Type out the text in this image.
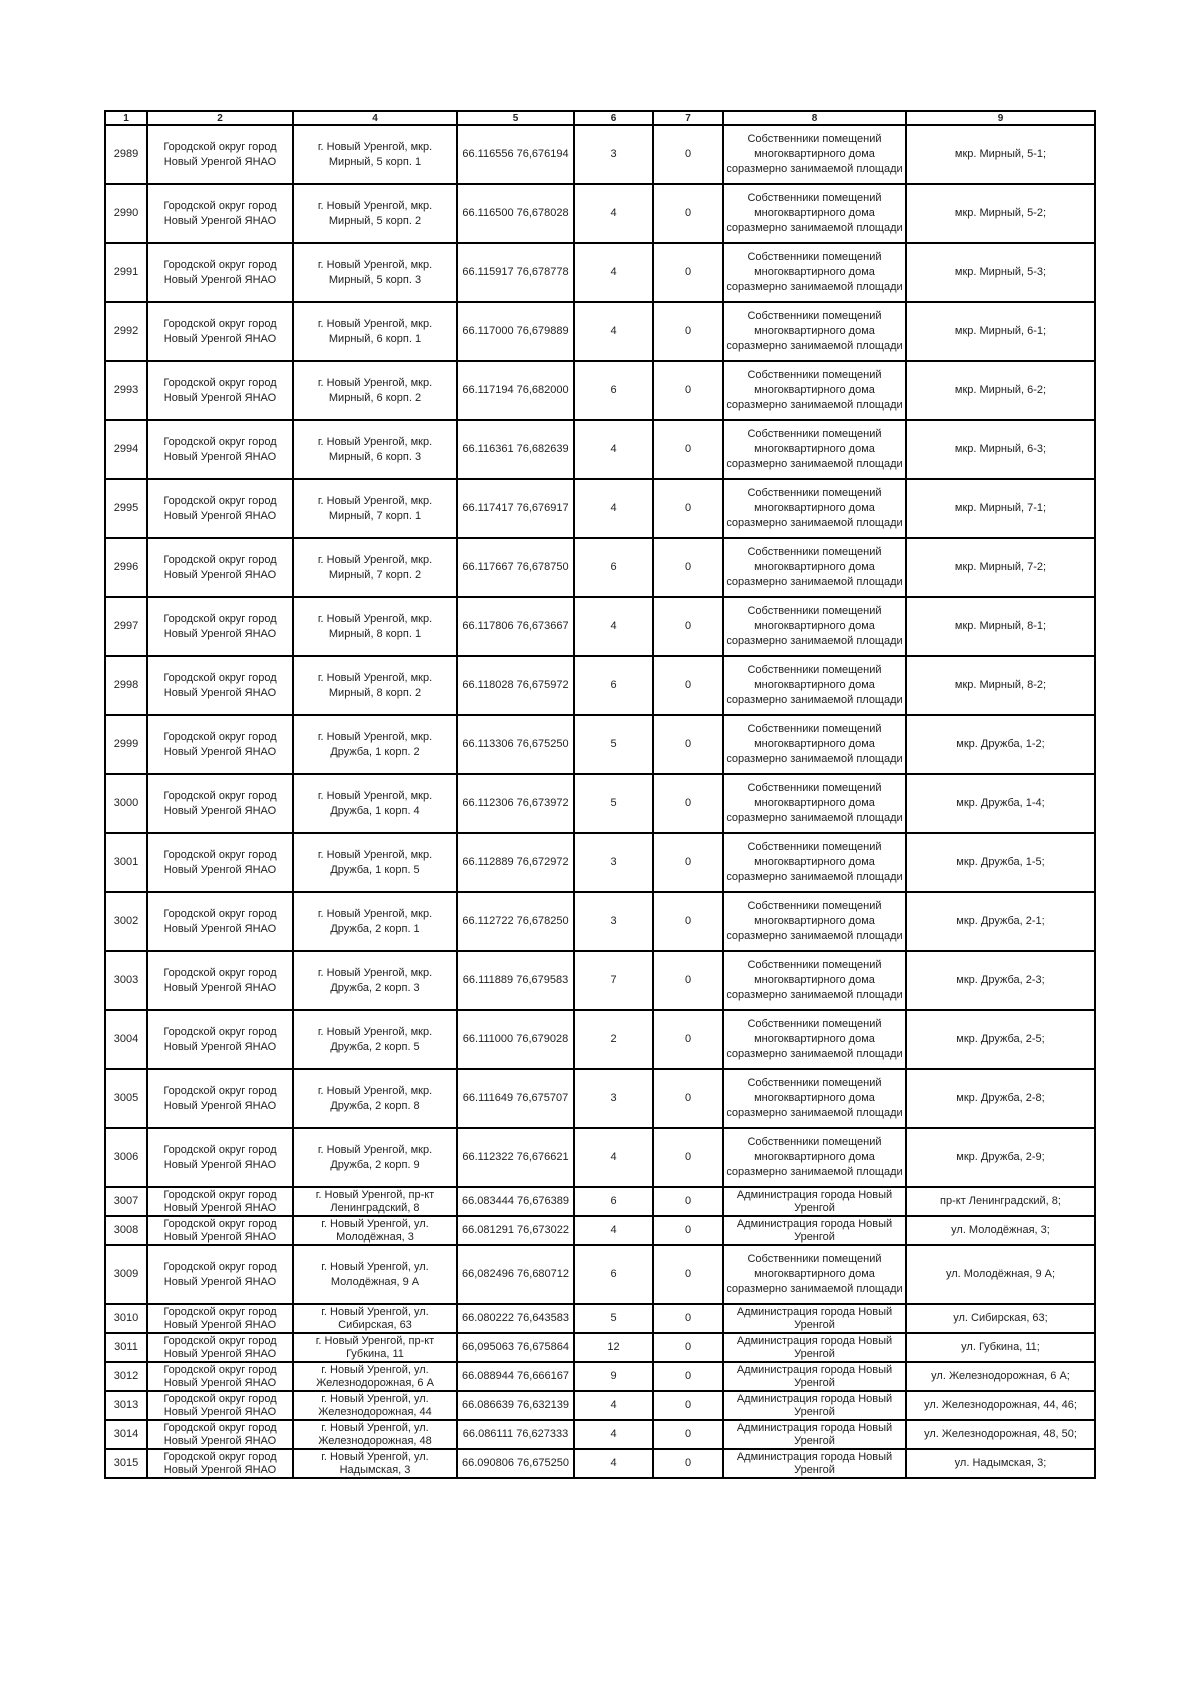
1	2	4	5	6	7	8	9
2989	Городской округ город Новый Уренгой ЯНАО	г. Новый Уренгой, мкр. Мирный, 5 корп. 1	66.116556 76,676194	3	0	Собственники помещений многоквартирного дома соразмерно занимаемой площади	мкр. Мирный, 5-1;
2990	Городской округ город Новый Уренгой ЯНАО	г. Новый Уренгой, мкр. Мирный, 5 корп. 2	66.116500 76,678028	4	0	Собственники помещений многоквартирного дома соразмерно занимаемой площади	мкр. Мирный, 5-2;
2991	Городской округ город Новый Уренгой ЯНАО	г. Новый Уренгой, мкр. Мирный, 5 корп. 3	66.115917 76,678778	4	0	Собственники помещений многоквартирного дома соразмерно занимаемой площади	мкр. Мирный, 5-3;
2992	Городской округ город Новый Уренгой ЯНАО	г. Новый Уренгой, мкр. Мирный, 6 корп. 1	66.117000 76,679889	4	0	Собственники помещений многоквартирного дома соразмерно занимаемой площади	мкр. Мирный, 6-1;
2993	Городской округ город Новый Уренгой ЯНАО	г. Новый Уренгой, мкр. Мирный, 6 корп. 2	66.117194 76,682000	6	0	Собственники помещений многоквартирного дома соразмерно занимаемой площади	мкр. Мирный, 6-2;
2994	Городской округ город Новый Уренгой ЯНАО	г. Новый Уренгой, мкр. Мирный, 6 корп. 3	66.116361 76,682639	4	0	Собственники помещений многоквартирного дома соразмерно занимаемой площади	мкр. Мирный, 6-3;
2995	Городской округ город Новый Уренгой ЯНАО	г. Новый Уренгой, мкр. Мирный, 7 корп. 1	66.117417 76,676917	4	0	Собственники помещений многоквартирного дома соразмерно занимаемой площади	мкр. Мирный, 7-1;
2996	Городской округ город Новый Уренгой ЯНАО	г. Новый Уренгой, мкр. Мирный, 7 корп. 2	66.117667 76,678750	6	0	Собственники помещений многоквартирного дома соразмерно занимаемой площади	мкр. Мирный, 7-2;
2997	Городской округ город Новый Уренгой ЯНАО	г. Новый Уренгой, мкр. Мирный, 8 корп. 1	66.117806 76,673667	4	0	Собственники помещений многоквартирного дома соразмерно занимаемой площади	мкр. Мирный, 8-1;
2998	Городской округ город Новый Уренгой ЯНАО	г. Новый Уренгой, мкр. Мирный, 8 корп. 2	66.118028 76,675972	6	0	Собственники помещений многоквартирного дома соразмерно занимаемой площади	мкр. Мирный, 8-2;
2999	Городской округ город Новый Уренгой ЯНАО	г. Новый Уренгой, мкр. Дружба, 1 корп. 2	66.113306 76,675250	5	0	Собственники помещений многоквартирного дома соразмерно занимаемой площади	мкр. Дружба, 1-2;
3000	Городской округ город Новый Уренгой ЯНАО	г. Новый Уренгой, мкр. Дружба, 1 корп. 4	66.112306 76,673972	5	0	Собственники помещений многоквартирного дома соразмерно занимаемой площади	мкр. Дружба, 1-4;
3001	Городской округ город Новый Уренгой ЯНАО	г. Новый Уренгой, мкр. Дружба, 1 корп. 5	66.112889 76,672972	3	0	Собственники помещений многоквартирного дома соразмерно занимаемой площади	мкр. Дружба, 1-5;
3002	Городской округ город Новый Уренгой ЯНАО	г. Новый Уренгой, мкр. Дружба, 2 корп. 1	66.112722 76,678250	3	0	Собственники помещений многоквартирного дома соразмерно занимаемой площади	мкр. Дружба, 2-1;
3003	Городской округ город Новый Уренгой ЯНАО	г. Новый Уренгой, мкр. Дружба, 2 корп. 3	66.111889 76,679583	7	0	Собственники помещений многоквартирного дома соразмерно занимаемой площади	мкр. Дружба, 2-3;
3004	Городской округ город Новый Уренгой ЯНАО	г. Новый Уренгой, мкр. Дружба, 2 корп. 5	66.111000 76,679028	2	0	Собственники помещений многоквартирного дома соразмерно занимаемой площади	мкр. Дружба, 2-5;
3005	Городской округ город Новый Уренгой ЯНАО	г. Новый Уренгой, мкр. Дружба, 2 корп. 8	66.111649 76,675707	3	0	Собственники помещений многоквартирного дома соразмерно занимаемой площади	мкр. Дружба, 2-8;
3006	Городской округ город Новый Уренгой ЯНАО	г. Новый Уренгой, мкр. Дружба, 2 корп. 9	66.112322 76,676621	4	0	Собственники помещений многоквартирного дома соразмерно занимаемой площади	мкр. Дружба, 2-9;
3007	Городской округ город Новый Уренгой ЯНАО	г. Новый Уренгой, пр-кт Ленинградский, 8	66.083444 76,676389	6	0	Администрация города Новый Уренгой	пр-кт Ленинградский, 8;
3008	Городской округ город Новый Уренгой ЯНАО	г. Новый Уренгой, ул. Молодёжная, 3	66.081291 76,673022	4	0	Администрация города Новый Уренгой	ул. Молодёжная, 3;
3009	Городской округ город Новый Уренгой ЯНАО	г. Новый Уренгой, ул. Молодёжная, 9 А	66,082496 76,680712	6	0	Собственники помещений многоквартирного дома соразмерно занимаемой площади	ул. Молодёжная, 9 А;
3010	Городской округ город Новый Уренгой ЯНАО	г. Новый Уренгой, ул. Сибирская, 63	66.080222 76,643583	5	0	Администрация города Новый Уренгой	ул. Сибирская, 63;
3011	Городской округ город Новый Уренгой ЯНАО	г. Новый Уренгой, пр-кт Губкина, 11	66,095063 76,675864	12	0	Администрация города Новый Уренгой	ул. Губкина, 11;
3012	Городской округ город Новый Уренгой ЯНАО	г. Новый Уренгой, ул. Железнодорожная, 6 А	66.088944 76,666167	9	0	Администрация города Новый Уренгой	ул. Железнодорожная, 6 А;
3013	Городской округ город Новый Уренгой ЯНАО	г. Новый Уренгой, ул. Железнодорожная, 44	66.086639 76,632139	4	0	Администрация города Новый Уренгой	ул. Железнодорожная, 44, 46;
3014	Городской округ город Новый Уренгой ЯНАО	г. Новый Уренгой, ул. Железнодорожная, 48	66.086111 76,627333	4	0	Администрация города Новый Уренгой	ул. Железнодорожная, 48, 50;
3015	Городской округ город Новый Уренгой ЯНАО	г. Новый Уренгой, ул. Надымская, 3	66.090806 76,675250	4	0	Администрация города Новый Уренгой	ул. Надымская, 3;
